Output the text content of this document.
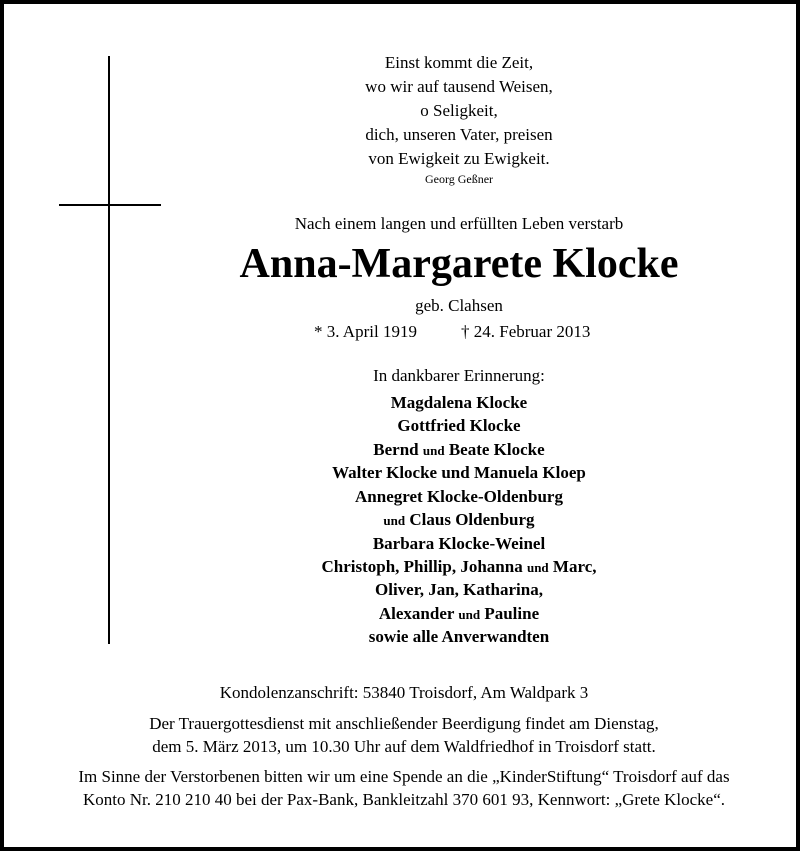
Einst kommt die Zeit,
wo wir auf tausend Weisen,
o Seligkeit,
dich, unseren Vater, preisen
von Ewigkeit zu Ewigkeit.
Georg Geßner
Nach einem langen und erfüllten Leben verstarb
Anna-Margarete Klocke
geb. Clahsen
* 3. April 1919	† 24. Februar 2013
In dankbarer Erinnerung:
Magdalena Klocke
Gottfried Klocke
Bernd und Beate Klocke
Walter Klocke und Manuela Kloep
Annegret Klocke-Oldenburg
und Claus Oldenburg
Barbara Klocke-Weinel
Christoph, Phillip, Johanna und Marc,
Oliver, Jan, Katharina,
Alexander und Pauline
sowie alle Anverwandten
Kondolenzanschrift: 53840 Troisdorf, Am Waldpark 3
Der Trauergottesdienst mit anschließender Beerdigung findet am Dienstag,
dem 5. März 2013, um 10.30 Uhr auf dem Waldfriedhof in Troisdorf statt.
Im Sinne der Verstorbenen bitten wir um eine Spende an die „KinderStiftung“ Troisdorf auf das
Konto Nr. 210 210 40 bei der Pax-Bank, Bankleitzahl 370 601 93, Kennwort: „Grete Klocke“.
